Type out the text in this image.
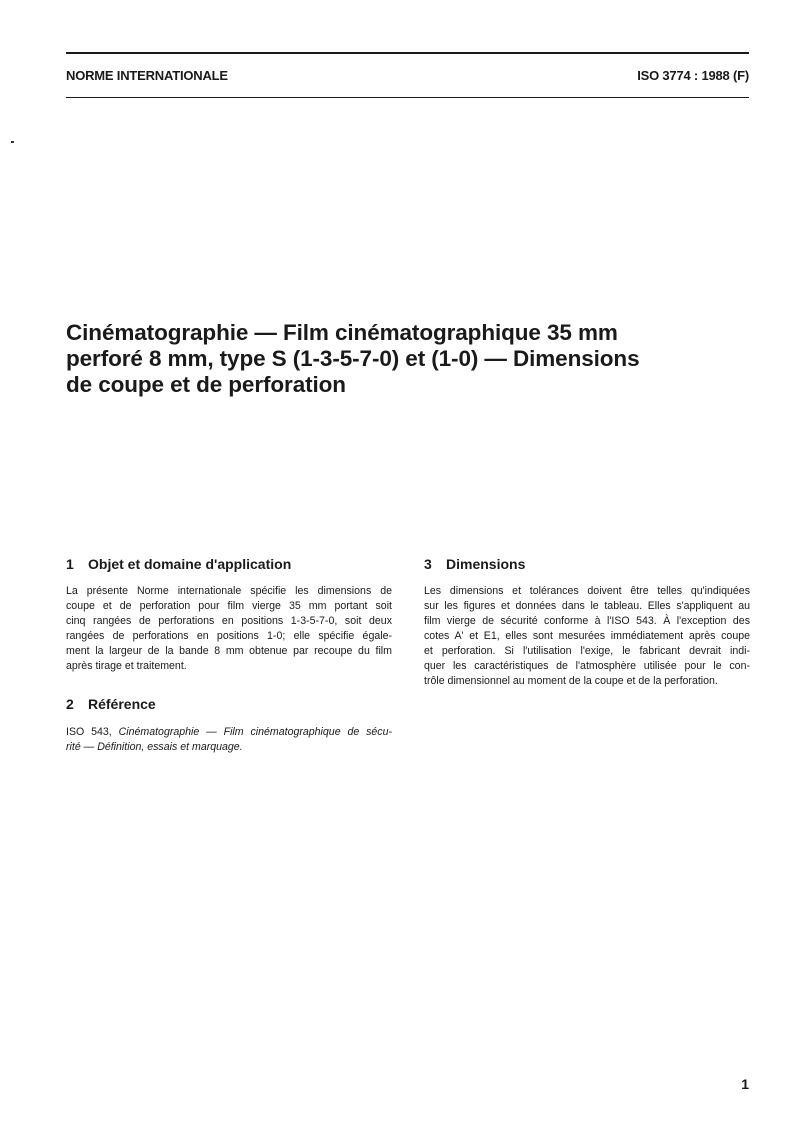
NORME INTERNATIONALE	ISO 3774 : 1988 (F)
Cinématographie — Film cinématographique 35 mm
perforé 8 mm, type S (1-3-5-7-0) et (1-0) — Dimensions
de coupe et de perforation
1 Objet et domaine d'application
La présente Norme internationale spécifie les dimensions de
coupe et de perforation pour film vierge 35 mm portant soit
cinq rangées de perforations en positions 1-3-5-7-0, soit deux
rangées de perforations en positions 1-0; elle spécifie égale-
ment la largeur de la bande 8 mm obtenue par recoupe du film
après tirage et traitement.
2 Référence
ISO 543, Cinématographie — Film cinématographique de sécu-
rité — Définition, essais et marquage.
3 Dimensions
Les dimensions et tolérances doivent être telles qu'indiquées
sur les figures et données dans le tableau. Elles s'appliquent au
film vierge de sécurité conforme à l'ISO 543. À l'exception des
cotes A' et E1, elles sont mesurées immédiatement après coupe
et perforation. Si l'utilisation l'exige, le fabricant devrait indi-
quer les caractéristiques de l'atmosphère utilisée pour le con-
trôle dimensionnel au moment de la coupe et de la perforation.
1
